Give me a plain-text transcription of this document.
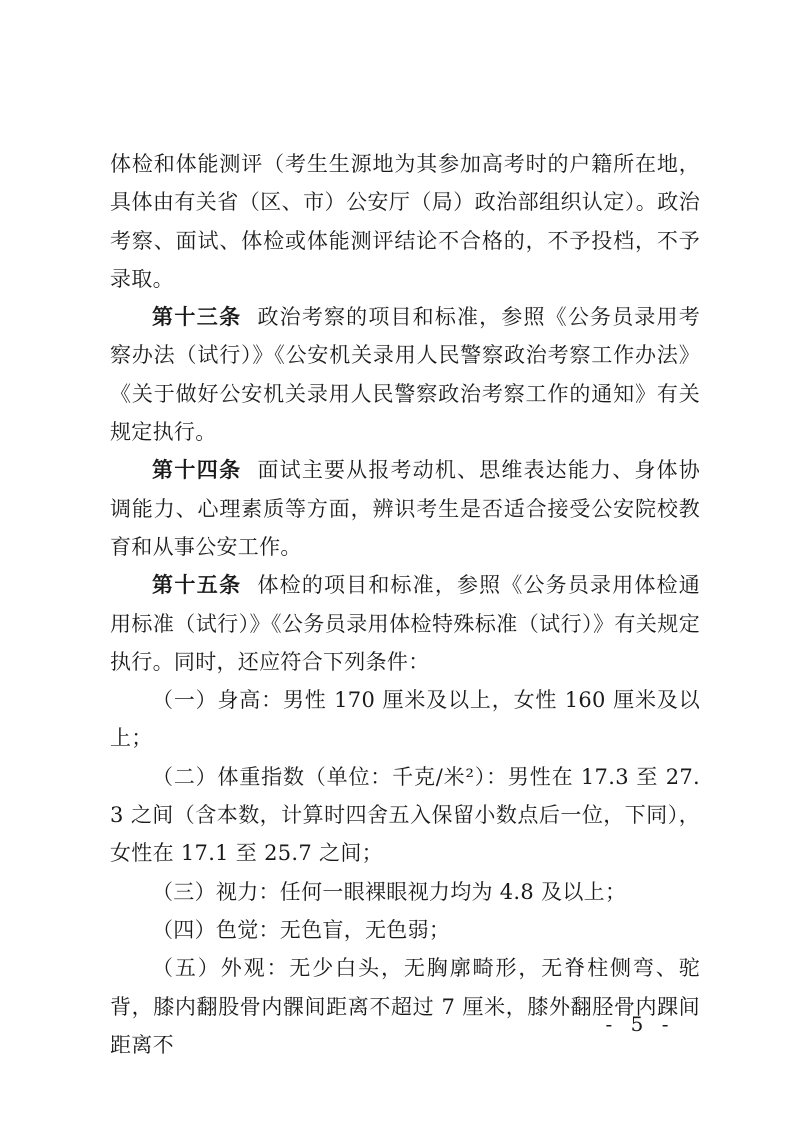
体检和体能测评（考生生源地为其参加高考时的户籍所在地，具体由有关省（区、市）公安厅（局）政治部组织认定）。政治考察、面试、体检或体能测评结论不合格的，不予投档，不予录取。

第十三条 政治考察的项目和标准，参照《公务员录用考察办法（试行）》《公安机关录用人民警察政治考察工作办法》《关于做好公安机关录用人民警察政治考察工作的通知》有关规定执行。

第十四条 面试主要从报考动机、思维表达能力、身体协调能力、心理素质等方面，辨识考生是否适合接受公安院校教育和从事公安工作。

第十五条 体检的项目和标准，参照《公务员录用体检通用标准（试行）》《公务员录用体检特殊标准（试行）》有关规定执行。同时，还应符合下列条件：

（一）身高：男性 170 厘米及以上，女性 160 厘米及以上；

（二）体重指数（单位：千克/米²）：男性在 17.3 至 27.3 之间（含本数，计算时四舍五入保留小数点后一位，下同），女性在 17.1 至 25.7 之间；

（三）视力：任何一眼裸眼视力均为 4.8 及以上；

（四）色觉：无色盲，无色弱；

（五）外观：无少白头，无胸廓畸形，无脊柱侧弯、驼背，膝内翻股骨内髁间距离不超过 7 厘米，膝外翻胫骨内踝间距离不

- 5 -
